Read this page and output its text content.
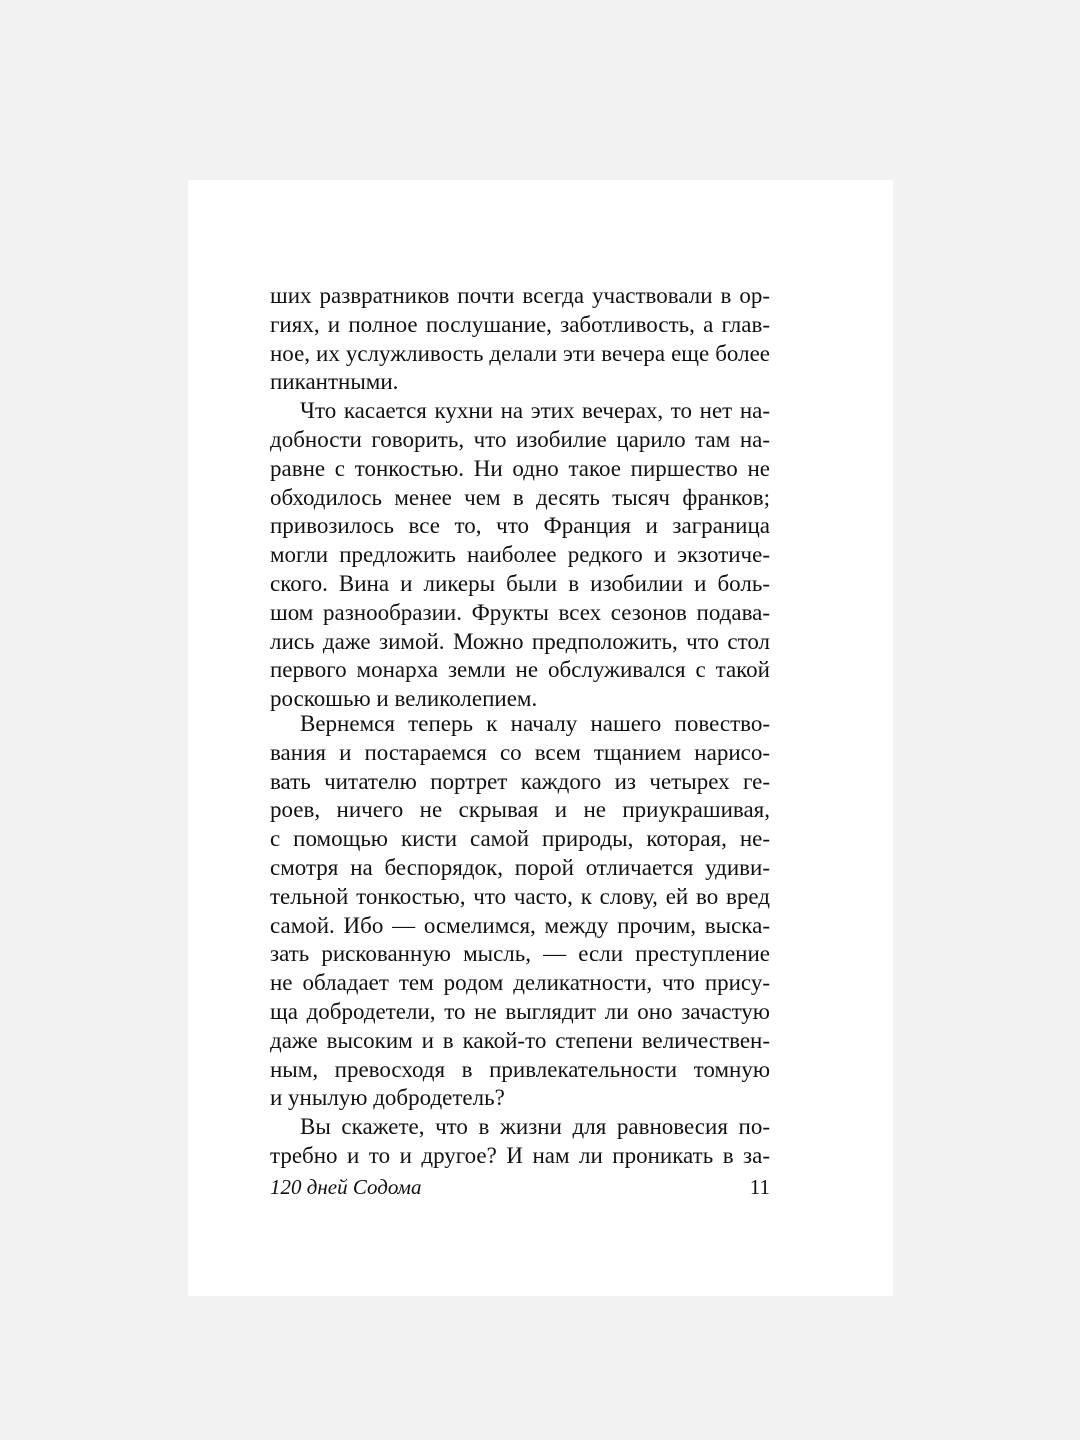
ших развратников почти всегда участвовали в ор-
гиях, и полное послушание, заботливость, а глав-
ное, их услужливость делали эти вечера еще более
пикантными.
Что касается кухни на этих вечерах, то нет на-
добности говорить, что изобилие царило там на-
равне с тонкостью. Ни одно такое пиршество не
обходилось менее чем в десять тысяч франков;
привозилось все то, что Франция и заграница
могли предложить наиболее редкого и экзотиче-
ского. Вина и ликеры были в изобилии и боль-
шом разнообразии. Фрукты всех сезонов подава-
лись даже зимой. Можно предположить, что стол
первого монарха земли не обслуживался с такой
роскошью и великолепием.
Вернемся теперь к началу нашего повество-
вания и постараемся со всем тщанием нарисо-
вать читателю портрет каждого из четырех ге-
роев, ничего не скрывая и не приукрашивая,
с помощью кисти самой природы, которая, не-
смотря на беспорядок, порой отличается удиви-
тельной тонкостью, что часто, к слову, ей во вред
самой. Ибо — осмелимся, между прочим, выска-
зать рискованную мысль, — если преступление
не обладает тем родом деликатности, что прису-
ща добродетели, то не выглядит ли оно зачастую
даже высоким и в какой-то степени величествен-
ным, превосходя в привлекательности томную
и унылую добродетель?
Вы скажете, что в жизни для равновесия по-
требно и то и другое? И нам ли проникать в за-
120 дней Содома	11
